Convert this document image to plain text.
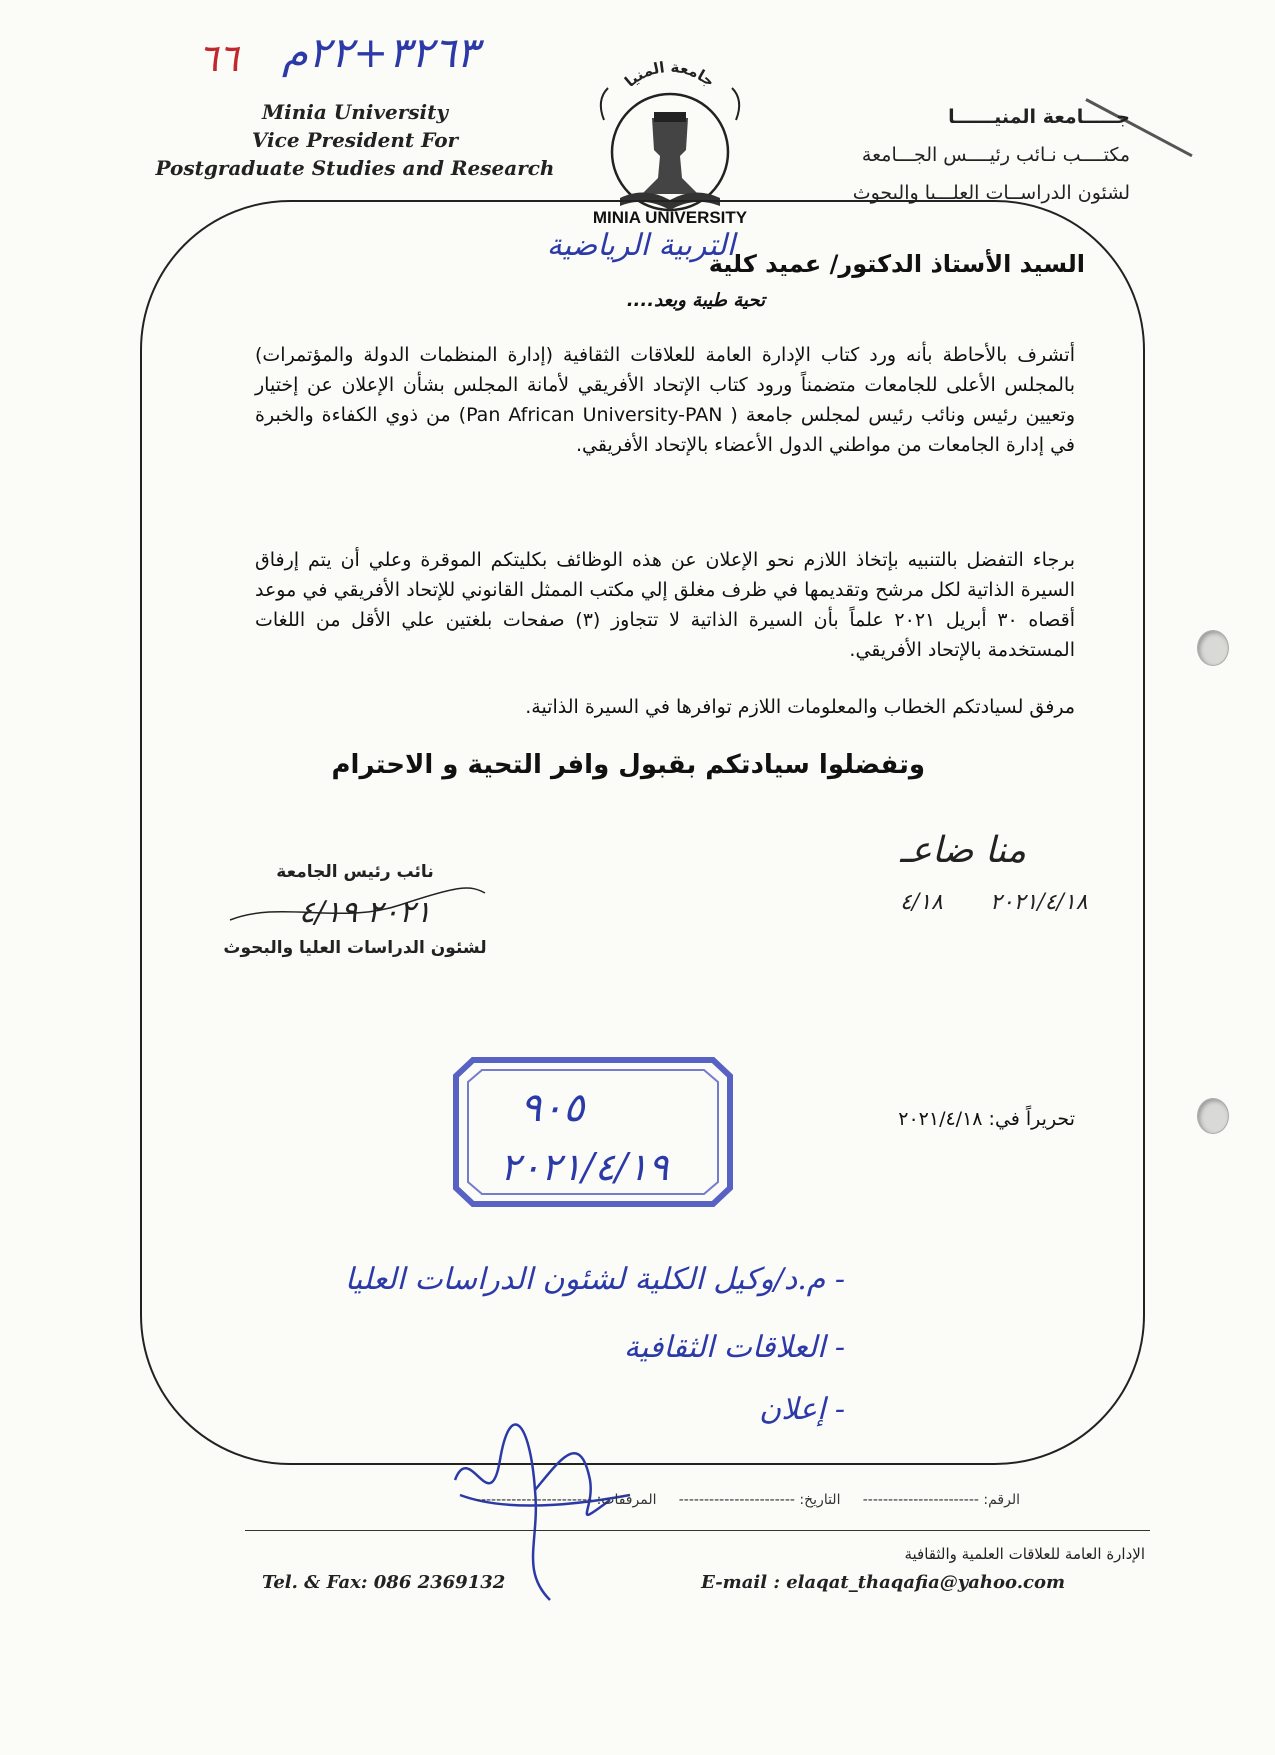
٦٦ ٣٢٦٣+٢٢م
Minia University
Vice President For
Postgraduate Studies and Research
جـــــامعة المنيــــــا
مكتــــب نـائب رئيــــس الجـــامعة
لشئون الدراســات العلـــيا والبحوث
جامعة المنيا
MINIA UNIVERSITY
السيد الأستاذ الدكتور/ عميد كلية
التربية الرياضية
تحية طيبة وبعد....
أتشرف بالأحاطة بأنه ورد كتاب الإدارة العامة للعلاقات الثقافية (إدارة المنظمات الدولة والمؤتمرات) بالمجلس الأعلى للجامعات متضمناً ورود كتاب الإتحاد الأفريقي لأمانة المجلس بشأن الإعلان عن إختيار وتعيين رئيس ونائب رئيس لمجلس جامعة ( Pan African University-PAN) من ذوي الكفاءة والخبرة في إدارة الجامعات من مواطني الدول الأعضاء بالإتحاد الأفريقي.
برجاء التفضل بالتنبيه بإتخاذ اللازم نحو الإعلان عن هذه الوظائف بكليتكم الموقرة وعلي أن يتم إرفاق السيرة الذاتية لكل مرشح وتقديمها في ظرف مغلق إلي مكتب الممثل القانوني للإتحاد الأفريقي في موعد أقصاه ٣٠ أبريل ٢٠٢١ علماً بأن السيرة الذاتية لا تتجاوز (٣) صفحات بلغتين علي الأقل من اللغات المستخدمة بالإتحاد الأفريقي.
مرفق لسيادتكم الخطاب والمعلومات اللازم توافرها في السيرة الذاتية.
وتفضلوا سيادتكم بقبول وافر التحية و الاحترام
منا ضاعـ
٢٠٢١/٤/١٨
٤/١٨
نائب رئيس الجامعة
٢٠٢١ ٤/١٩
لشئون الدراسات العليا والبحوث
٩٠٥
٢٠٢١/٤/١٩
تحريراً في: ٢٠٢١/٤/١٨
- م.د/وكيل الكلية لشئون الدراسات العليا
- العلاقات الثقافية
- إعلان
الرقم: -----------------------     التاريخ: -----------------------     المرفقات: -----------------------
الإدارة العامة للعلاقات العلمية والثقافية
Tel. & Fax: 086 2369132	E-mail : elaqat_thaqafia@yahoo.com
